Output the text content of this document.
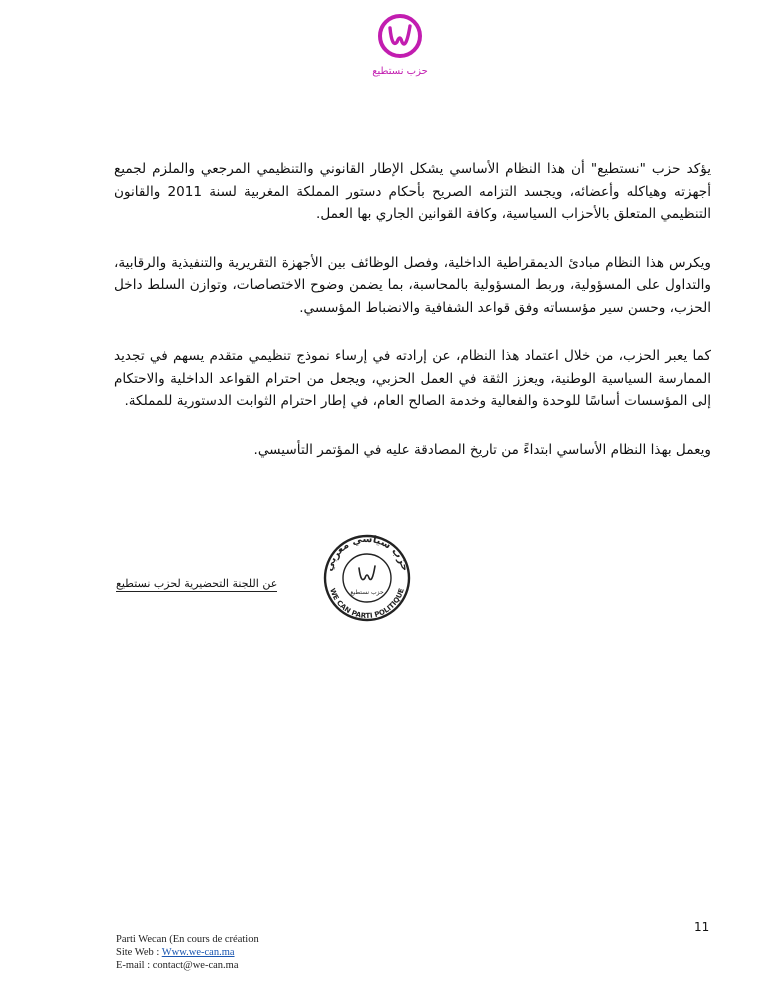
حزب نستطيع

يؤكد حزب "نستطيع" أن هذا النظام الأساسي يشكل الإطار القانوني والتنظيمي المرجعي والملزم لجميع أجهزته وهياكله وأعضائه، ويجسد التزامه الصريح بأحكام دستور المملكة المغربية لسنة 2011 والقانون التنظيمي المتعلق بالأحزاب السياسية، وكافة القوانين الجاري بها العمل.

ويكرس هذا النظام مبادئ الديمقراطية الداخلية، وفصل الوظائف بين الأجهزة التقريرية والتنفيذية والرقابية، والتداول على المسؤولية، وربط المسؤولية بالمحاسبة، بما يضمن وضوح الاختصاصات، وتوازن السلط داخل الحزب، وحسن سير مؤسساته وفق قواعد الشفافية والانضباط المؤسسي.

كما يعبر الحزب، من خلال اعتماد هذا النظام، عن إرادته في إرساء نموذج تنظيمي متقدم يسهم في تجديد الممارسة السياسية الوطنية، ويعزز الثقة في العمل الحزبي، ويجعل من احترام القواعد الداخلية والاحتكام إلى المؤسسات أساسًا للوحدة والفعالية وخدمة الصالح العام، في إطار احترام الثوابت الدستورية للمملكة.

ويعمل بهذا النظام الأساسي ابتداءً من تاريخ المصادقة عليه في المؤتمر التأسيسي.

عن اللجنة التحضيرية لحزب نستطيع
حزب سياسي مغربي
WE CAN PARTI POLITIQUE
حزب نستطيع
11
Parti Wecan (En cours de création
Site Web : Www.we-can.ma
E-mail : contact@we-can.ma
